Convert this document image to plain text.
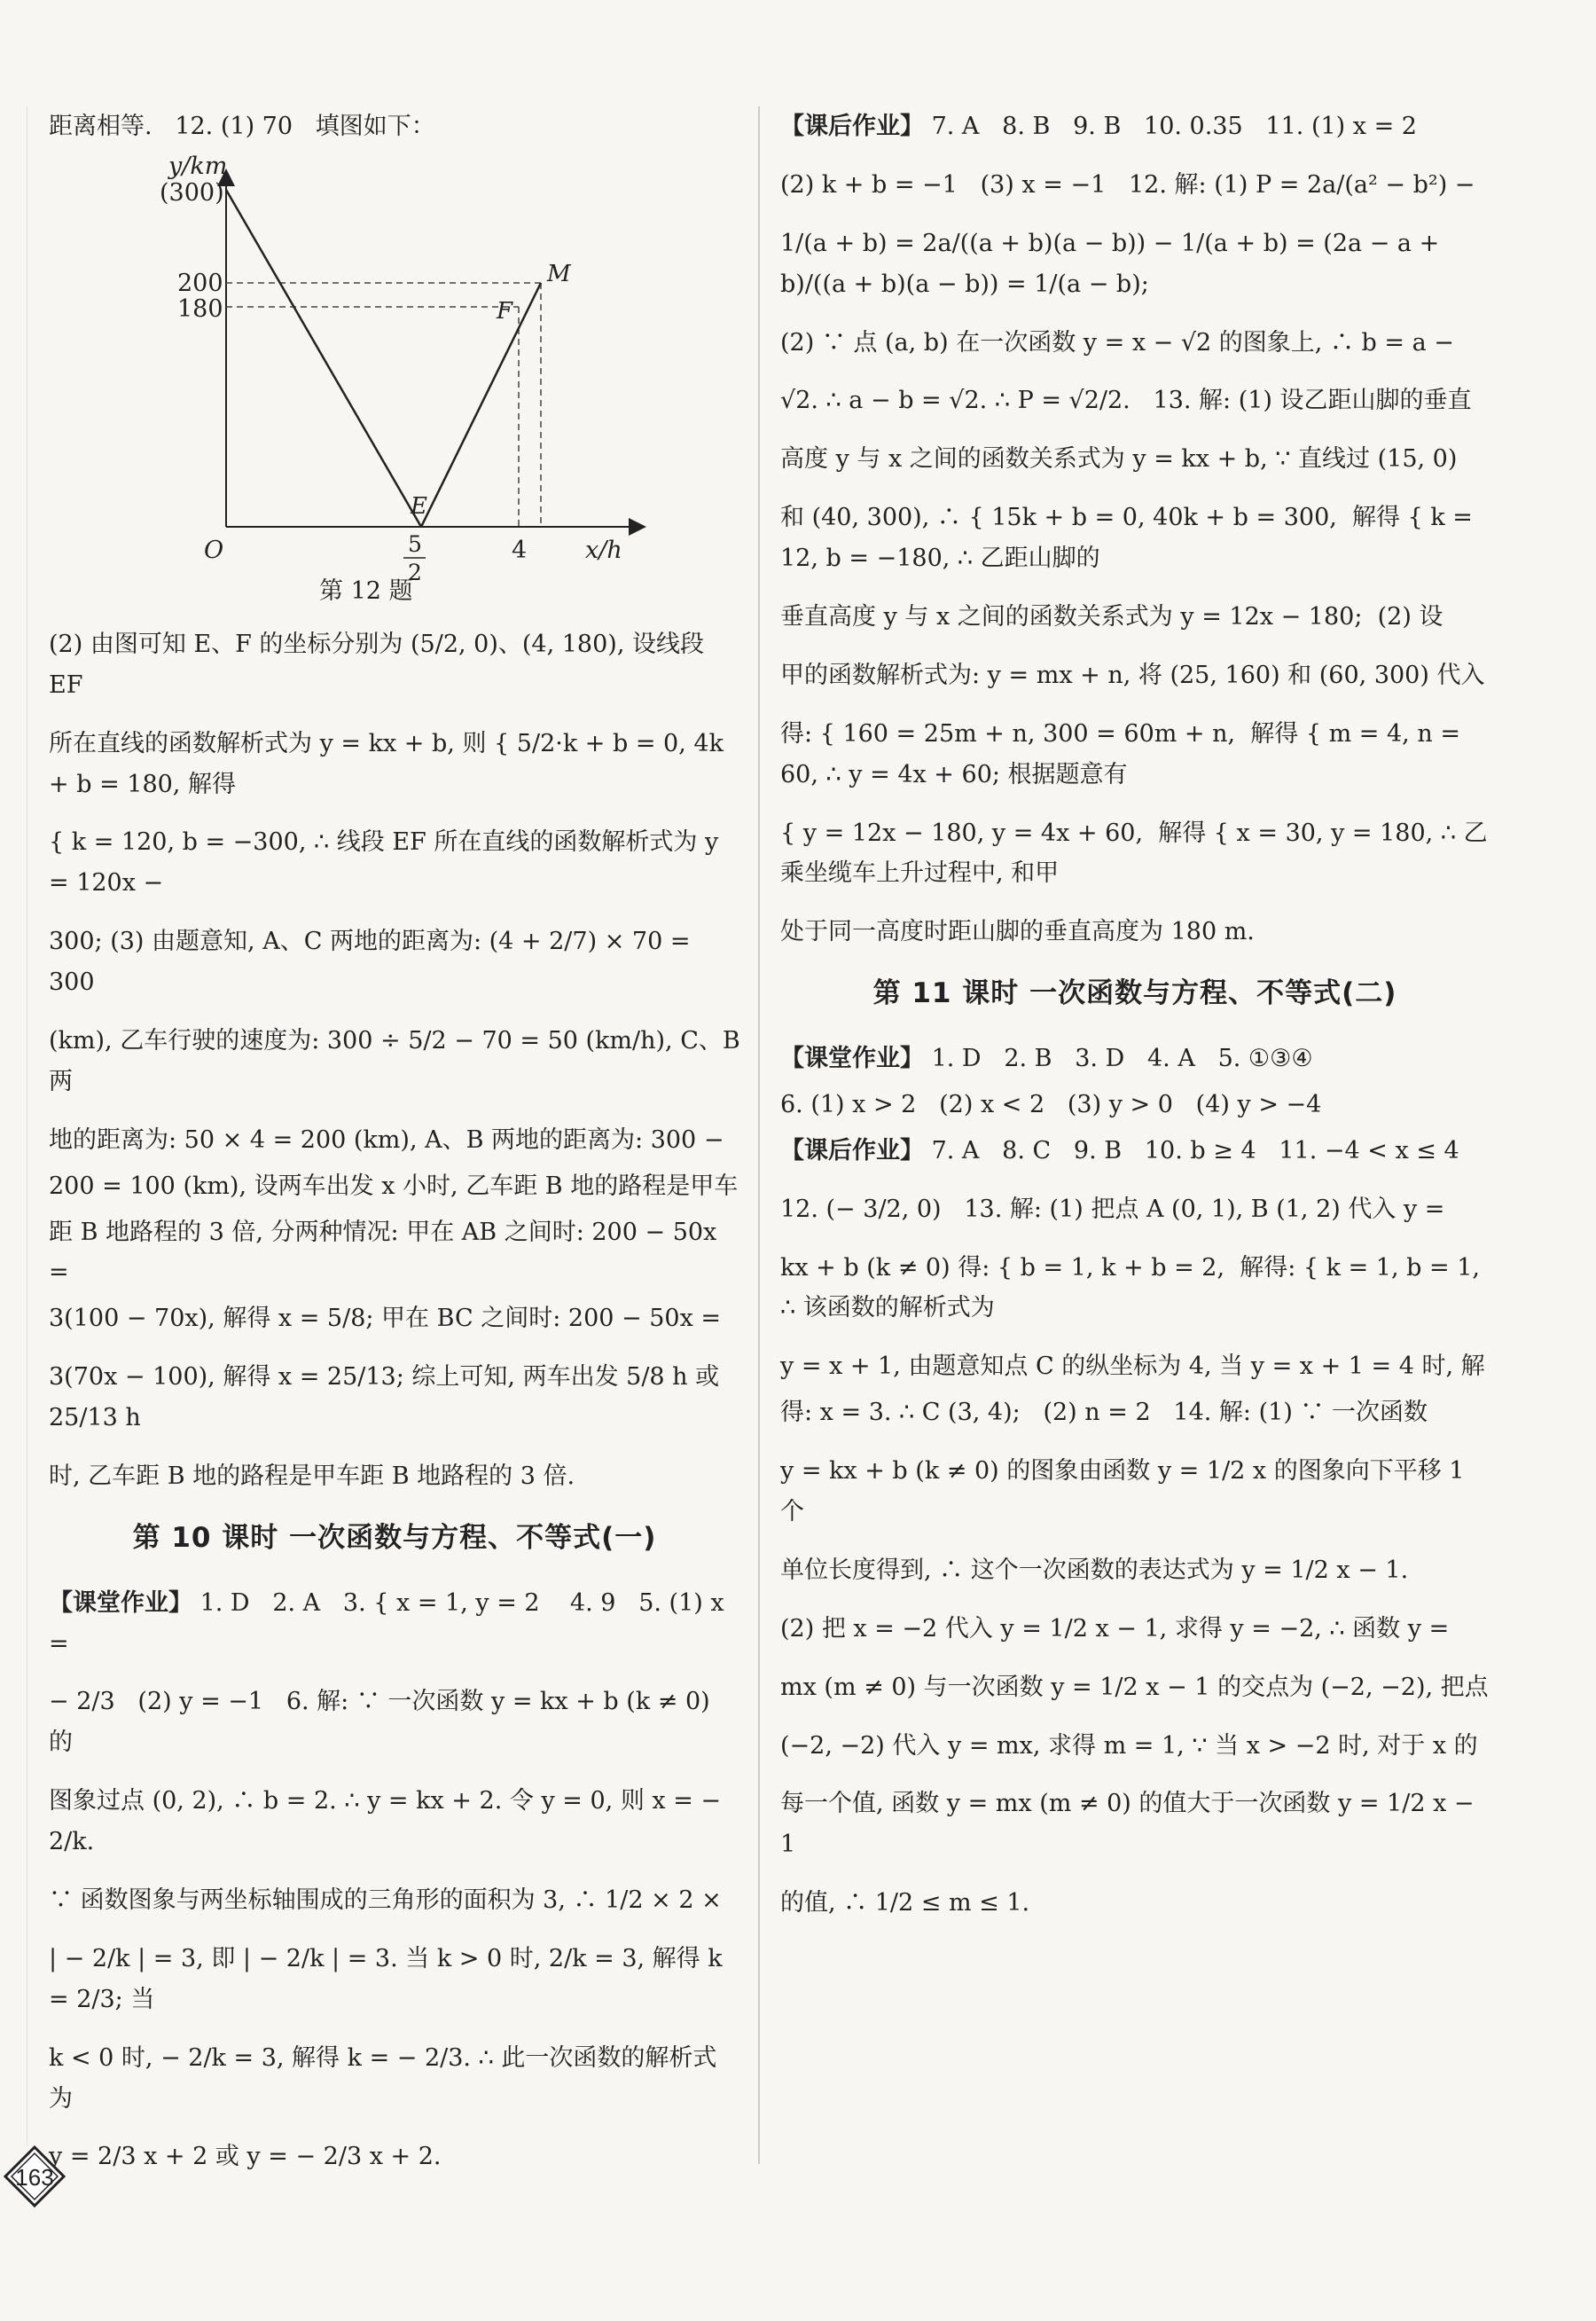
距离相等.   12. (1) 70   填图如下：

y/km
(300)
200
180
O	5
2
4 x/h
E
F
M
第 12 题

(2) 由图可知 E、F 的坐标分别为 (5/2, 0)、(4, 180), 设线段 EF

所在直线的函数解析式为 y = kx + b, 则 { 5/2·k + b = 0, 4k + b = 180, 解得

{ k = 120, b = −300, ∴ 线段 EF 所在直线的函数解析式为 y = 120x −

300; (3) 由题意知, A、C 两地的距离为: (4 + 2/7) × 70 = 300

(km), 乙车行驶的速度为: 300 ÷ 5/2 − 70 = 50 (km/h), C、B 两

地的距离为: 50 × 4 = 200 (km), A、B 两地的距离为: 300 −

200 = 100 (km), 设两车出发 x 小时, 乙车距 B 地的路程是甲车

距 B 地路程的 3 倍, 分两种情况: 甲在 AB 之间时: 200 − 50x =

3(100 − 70x), 解得 x = 5/8; 甲在 BC 之间时: 200 − 50x =

3(70x − 100), 解得 x = 25/13; 综上可知, 两车出发 5/8 h 或 25/13 h

时, 乙车距 B 地的路程是甲车距 B 地路程的 3 倍.

第 10 课时 一次函数与方程、不等式(一)

【课堂作业】 1. D   2. A   3. { x = 1, y = 2    4. 9   5. (1) x =

− 2/3   (2) y = −1   6. 解: ∵ 一次函数 y = kx + b (k ≠ 0) 的

图象过点 (0, 2), ∴ b = 2. ∴ y = kx + 2. 令 y = 0, 则 x = − 2/k.

∵ 函数图象与两坐标轴围成的三角形的面积为 3, ∴ 1/2 × 2 ×

| − 2/k | = 3, 即 | − 2/k | = 3. 当 k > 0 时, 2/k = 3, 解得 k = 2/3; 当

k < 0 时, − 2/k = 3, 解得 k = − 2/3. ∴ 此一次函数的解析式为

y = 2/3 x + 2 或 y = − 2/3 x + 2.

【课后作业】 7. A   8. B   9. B   10. 0.35   11. (1) x = 2

(2) k + b = −1   (3) x = −1   12. 解: (1) P = 2a/(a² − b²) −

1/(a + b) = 2a/((a + b)(a − b)) − 1/(a + b) = (2a − a + b)/((a + b)(a − b)) = 1/(a − b);

(2) ∵ 点 (a, b) 在一次函数 y = x − √2 的图象上, ∴ b = a −

√2. ∴ a − b = √2. ∴ P = √2/2.   13. 解: (1) 设乙距山脚的垂直

高度 y 与 x 之间的函数关系式为 y = kx + b, ∵ 直线过 (15, 0)

和 (40, 300), ∴ { 15k + b = 0, 40k + b = 300,  解得 { k = 12, b = −180, ∴ 乙距山脚的

垂直高度 y 与 x 之间的函数关系式为 y = 12x − 180;  (2) 设

甲的函数解析式为: y = mx + n, 将 (25, 160) 和 (60, 300) 代入

得: { 160 = 25m + n, 300 = 60m + n,  解得 { m = 4, n = 60, ∴ y = 4x + 60; 根据题意有

{ y = 12x − 180, y = 4x + 60,  解得 { x = 30, y = 180, ∴ 乙乘坐缆车上升过程中, 和甲

处于同一高度时距山脚的垂直高度为 180 m.

第 11 课时 一次函数与方程、不等式(二)

【课堂作业】 1. D   2. B   3. D   4. A   5. ①③④

6. (1) x > 2   (2) x < 2   (3) y > 0   (4) y > −4

【课后作业】 7. A   8. C   9. B   10. b ≥ 4   11. −4 < x ≤ 4

12. (− 3/2, 0)   13. 解: (1) 把点 A (0, 1), B (1, 2) 代入 y =

kx + b (k ≠ 0) 得: { b = 1, k + b = 2,  解得: { k = 1, b = 1,  ∴ 该函数的解析式为

y = x + 1, 由题意知点 C 的纵坐标为 4, 当 y = x + 1 = 4 时, 解

得: x = 3. ∴ C (3, 4);   (2) n = 2   14. 解: (1) ∵ 一次函数

y = kx + b (k ≠ 0) 的图象由函数 y = 1/2 x 的图象向下平移 1 个

单位长度得到, ∴ 这个一次函数的表达式为 y = 1/2 x − 1.

(2) 把 x = −2 代入 y = 1/2 x − 1, 求得 y = −2, ∴ 函数 y =

mx (m ≠ 0) 与一次函数 y = 1/2 x − 1 的交点为 (−2, −2), 把点

(−2, −2) 代入 y = mx, 求得 m = 1, ∵ 当 x > −2 时, 对于 x 的

每一个值, 函数 y = mx (m ≠ 0) 的值大于一次函数 y = 1/2 x − 1

的值, ∴ 1/2 ≤ m ≤ 1.

163
